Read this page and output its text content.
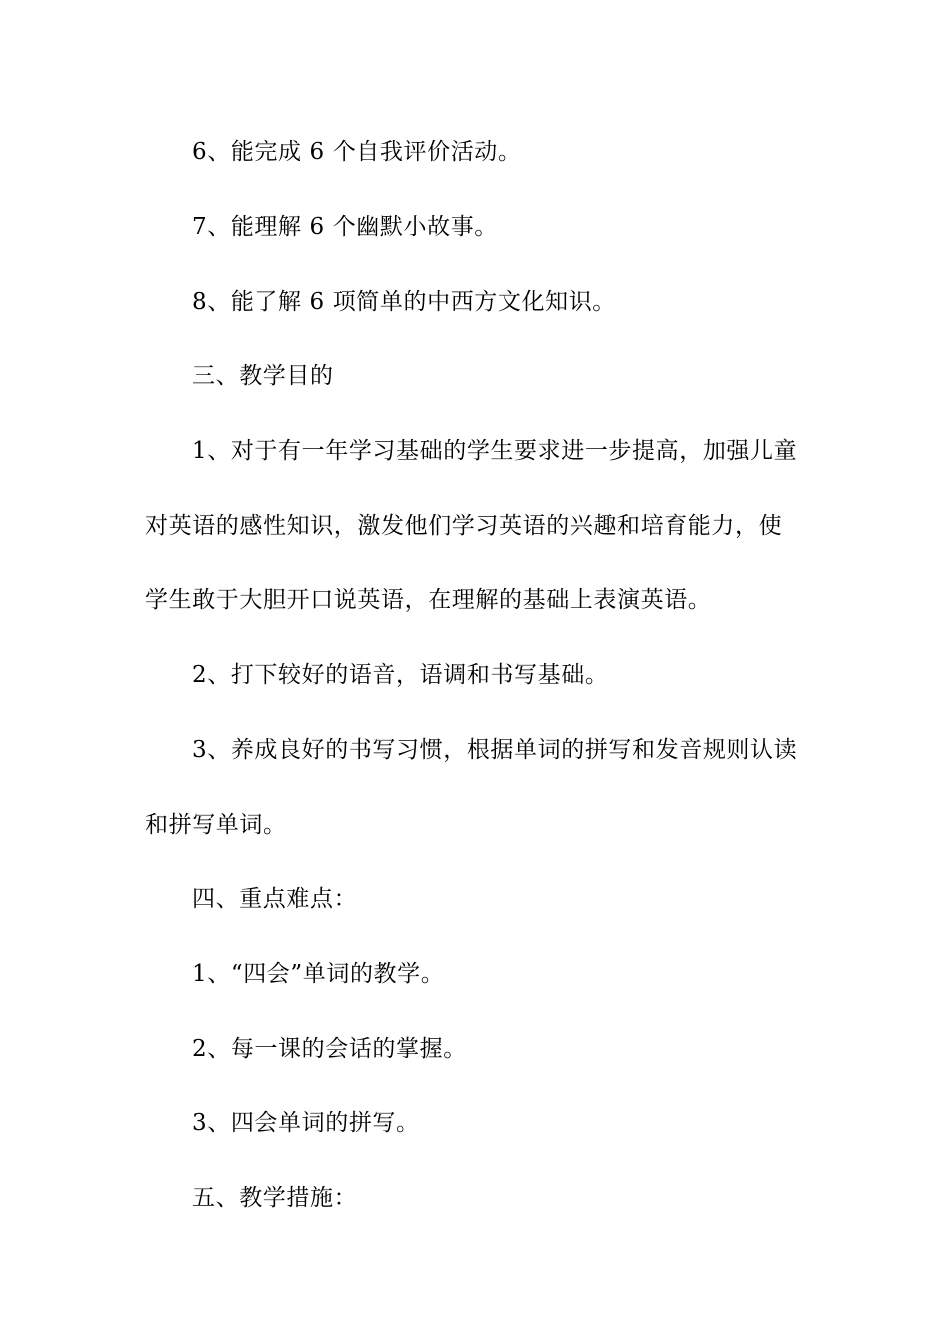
6、能完成 6 个自我评价活动。
7、能理解 6 个幽默小故事。
8、能了解 6 项简单的中西方文化知识。
三、教学目的
1、对于有一年学习基础的学生要求进一步提高，加强儿童
对英语的感性知识，激发他们学习英语的兴趣和培育能力，使
学生敢于大胆开口说英语，在理解的基础上表演英语。
2、打下较好的语音，语调和书写基础。
3、养成良好的书写习惯，根据单词的拼写和发音规则认读
和拼写单词。
四、重点难点：
1、“四会”单词的教学。
2、每一课的会话的掌握。
3、四会单词的拼写。
五、教学措施：
